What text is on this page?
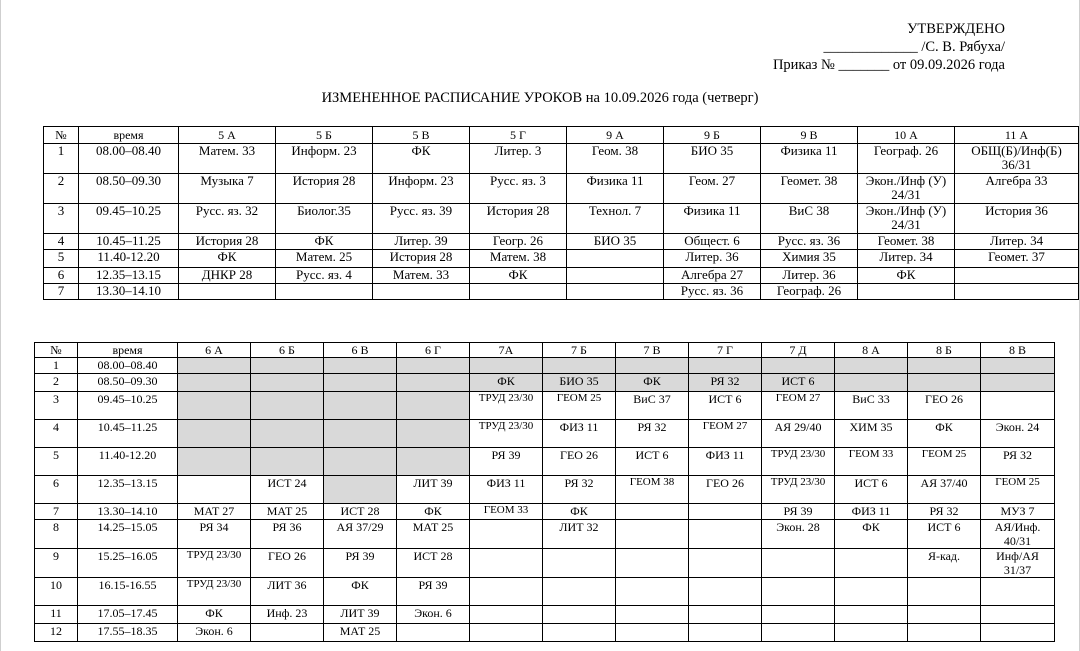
УТВЕРЖДЕНО
_____________ /С. В. Рябуха/
Приказ № _______ от 09.09.2026 года
ИЗМЕНЕННОЕ РАСПИСАНИЕ УРОКОВ на 10.09.2026 года (четверг)
№	время	5 А	5 Б	5 В	5 Г	9 А	9 Б	9 В	10 А	11 А
1	08.00–08.40	Матем. 33	Информ. 23	ФК	Литер. 3	Геом. 38	БИО 35	Физика 11	Географ. 26	ОБЩ(Б)/Инф(Б) 36/31
2	08.50–09.30	Музыка 7	История 28	Информ. 23	Русс. яз. 3	Физика 11	Геом. 27	Геомет. 38	Экон./Инф (У) 24/31	Алгебра 33
3	09.45–10.25	Русс. яз. 32	Биолог.35	Русс. яз. 39	История 28	Технол. 7	Физика 11	ВиС 38	Экон./Инф (У) 24/31	История 36
4	10.45–11.25	История 28	ФК	Литер. 39	Геогр. 26	БИО 35	Общест. 6	Русс. яз. 36	Геомет. 38	Литер. 34
5	11.40-12.20	ФК	Матем. 25	История 28	Матем. 38		Литер. 36	Химия 35	Литер. 34	Геомет. 37
6	12.35–13.15	ДНКР 28	Русс. яз. 4	Матем. 33	ФК		Алгебра 27	Литер. 36	ФК	
7	13.30–14.10						Русс. яз. 36	Географ. 26		
№	время	6 А	6 Б	6 В	6 Г	7А	7 Б	7 В	7 Г	7 Д	8 А	8 Б	8 В
1	08.00–08.40												
2	08.50–09.30					ФК	БИО 35	ФК	РЯ 32	ИСТ 6			
3	09.45–10.25					ТРУД 23/30	ГЕОМ 25	ВиС 37	ИСТ 6	ГЕОМ 27	ВиС 33	ГЕО 26	
4	10.45–11.25					ТРУД 23/30	ФИЗ 11	РЯ 32	ГЕОМ 27	АЯ 29/40	ХИМ 35	ФК	Экон. 24
5	11.40-12.20					РЯ 39	ГЕО 26	ИСТ 6	ФИЗ 11	ТРУД 23/30	ГЕОМ 33	ГЕОМ 25	РЯ 32
6	12.35–13.15		ИСТ 24		ЛИТ 39	ФИЗ 11	РЯ 32	ГЕОМ 38	ГЕО 26	ТРУД 23/30	ИСТ 6	АЯ 37/40	ГЕОМ 25
7	13.30–14.10	МАТ 27	МАТ 25	ИСТ 28	ФК	ГЕОМ 33	ФК			РЯ 39	ФИЗ 11	РЯ 32	МУЗ 7
8	14.25–15.05	РЯ 34	РЯ 36	АЯ 37/29	МАТ 25		ЛИТ 32			Экон. 28	ФК	ИСТ 6	АЯ/Инф. 40/31
9	15.25–16.05	ТРУД 23/30	ГЕО 26	РЯ 39	ИСТ 28							Я-кад.	Инф/АЯ 31/37
10	16.15-16.55	ТРУД 23/30	ЛИТ 36	ФК	РЯ 39								
11	17.05–17.45	ФК	Инф. 23	ЛИТ 39	Экон. 6								
12	17.55–18.35	Экон. 6		МАТ 25									
